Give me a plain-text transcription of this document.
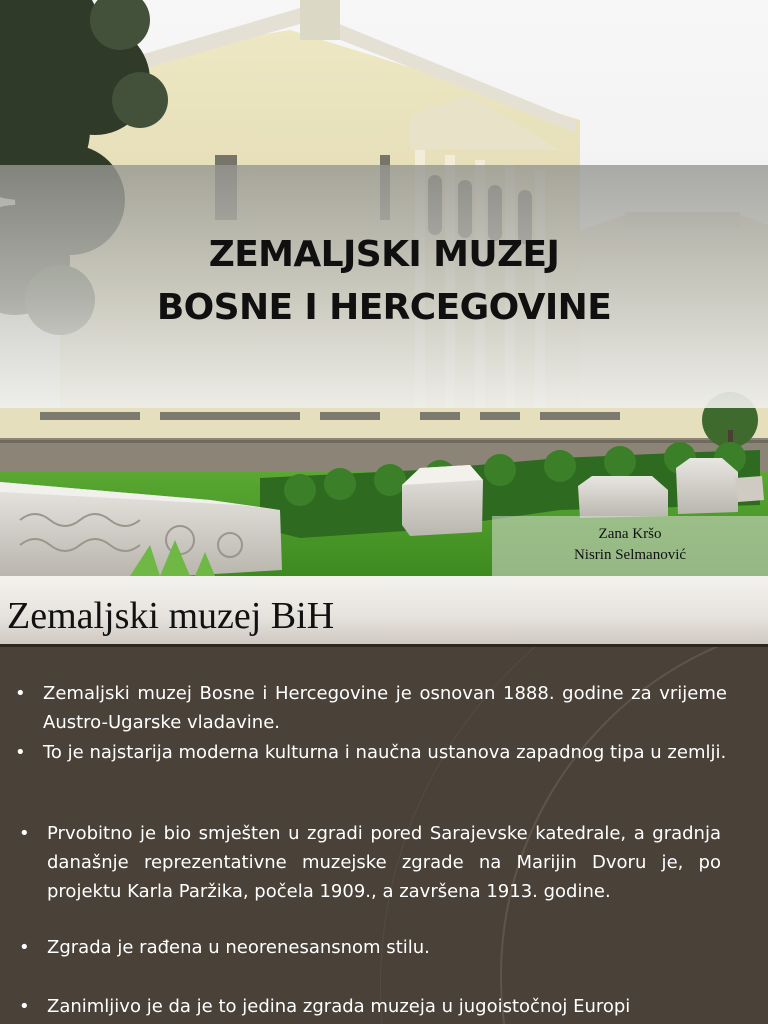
ZEMALJSKI MUZEJ
BOSNE I HERCEGOVINE
Zana Kršo
Nisrin Selmanović
Zemaljski muzej BiH
• Zemaljski muzej Bosne i Hercegovine je osnovan 1888. godine za vrijeme Austro-Ugarske vladavine.
• To je najstarija moderna kulturna i naučna ustanova zapadnog tipa u zemlji.
• Prvobitno je bio smješten u zgradi pored Sarajevske katedrale, a gradnja današnje reprezentativne muzejske zgrade na Marijin Dvoru je, po projektu Karla Paržika, počela 1909., a završena 1913. godine.
• Zgrada je rađena u neorenesansnom stilu.
• Zanimljivo je da je to jedina zgrada muzeja u jugoistočnoj Europi
